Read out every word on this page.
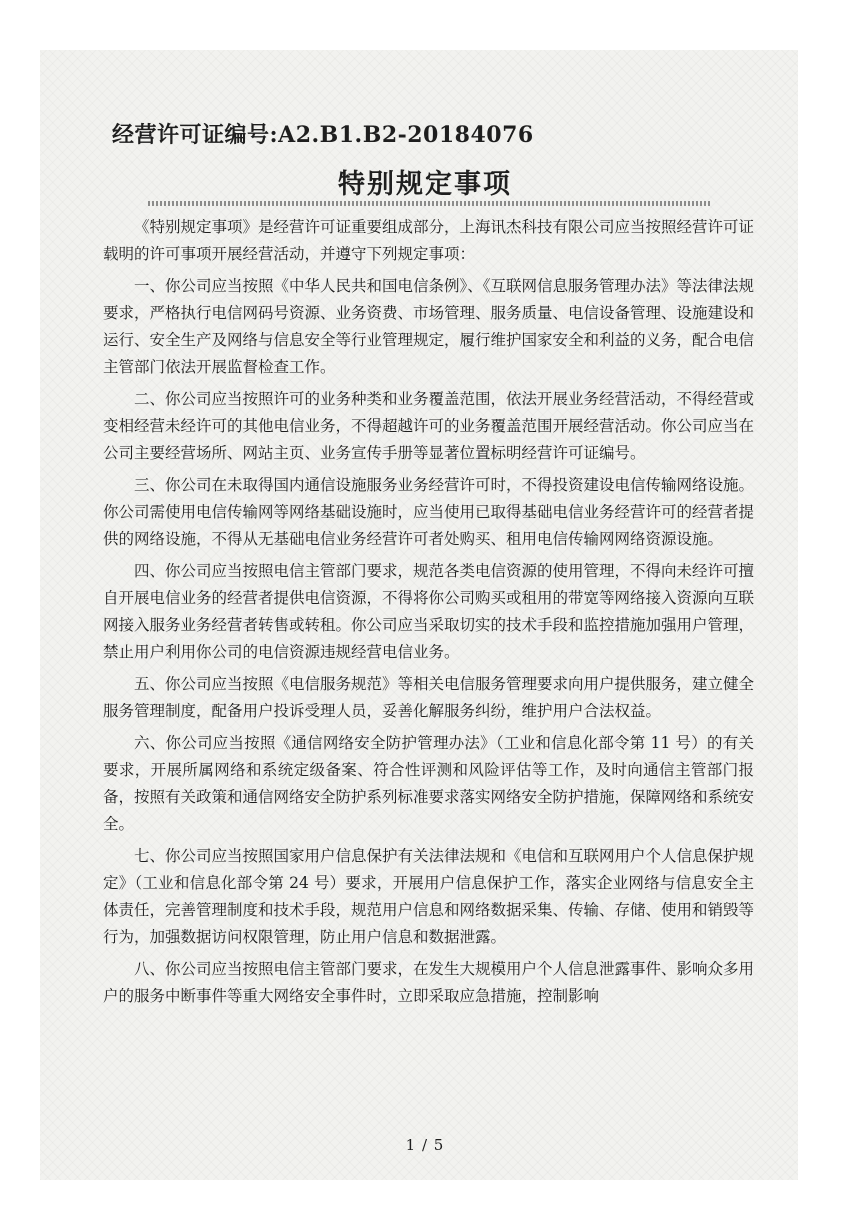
经营许可证编号:A2.B1.B2-20184076
特别规定事项

《特别规定事项》是经营许可证重要组成部分，上海讯杰科技有限公司应当按照经营许可证载明的许可事项开展经营活动，并遵守下列规定事项：

一、你公司应当按照《中华人民共和国电信条例》、《互联网信息服务管理办法》等法律法规要求，严格执行电信网码号资源、业务资费、市场管理、服务质量、电信设备管理、设施建设和运行、安全生产及网络与信息安全等行业管理规定，履行维护国家安全和利益的义务，配合电信主管部门依法开展监督检查工作。

二、你公司应当按照许可的业务种类和业务覆盖范围，依法开展业务经营活动，不得经营或变相经营未经许可的其他电信业务，不得超越许可的业务覆盖范围开展经营活动。你公司应当在公司主要经营场所、网站主页、业务宣传手册等显著位置标明经营许可证编号。

三、你公司在未取得国内通信设施服务业务经营许可时，不得投资建设电信传输网络设施。你公司需使用电信传输网等网络基础设施时，应当使用已取得基础电信业务经营许可的经营者提供的网络设施，不得从无基础电信业务经营许可者处购买、租用电信传输网网络资源设施。

四、你公司应当按照电信主管部门要求，规范各类电信资源的使用管理，不得向未经许可擅自开展电信业务的经营者提供电信资源，不得将你公司购买或租用的带宽等网络接入资源向互联网接入服务业务经营者转售或转租。你公司应当采取切实的技术手段和监控措施加强用户管理，禁止用户利用你公司的电信资源违规经营电信业务。

五、你公司应当按照《电信服务规范》等相关电信服务管理要求向用户提供服务，建立健全服务管理制度，配备用户投诉受理人员，妥善化解服务纠纷，维护用户合法权益。

六、你公司应当按照《通信网络安全防护管理办法》（工业和信息化部令第 11 号）的有关要求，开展所属网络和系统定级备案、符合性评测和风险评估等工作，及时向通信主管部门报备，按照有关政策和通信网络安全防护系列标准要求落实网络安全防护措施，保障网络和系统安全。

七、你公司应当按照国家用户信息保护有关法律法规和《电信和互联网用户个人信息保护规定》（工业和信息化部令第 24 号）要求，开展用户信息保护工作，落实企业网络与信息安全主体责任，完善管理制度和技术手段，规范用户信息和网络数据采集、传输、存储、使用和销毁等行为，加强数据访问权限管理，防止用户信息和数据泄露。

八、你公司应当按照电信主管部门要求，在发生大规模用户个人信息泄露事件、影响众多用户的服务中断事件等重大网络安全事件时，立即采取应急措施，控制影响

1 / 5
